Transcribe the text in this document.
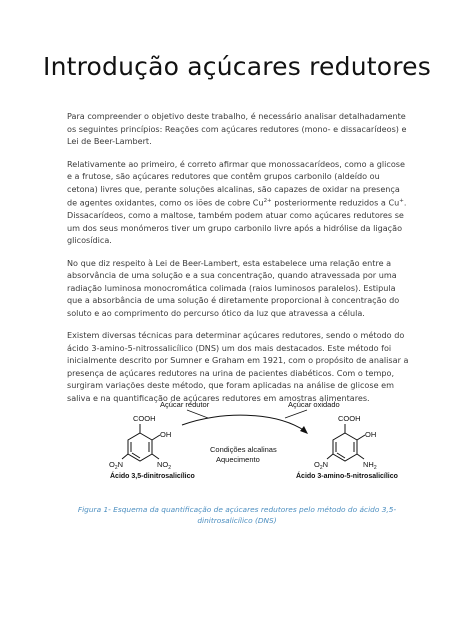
Introdução açúcares redutores

Para compreender o objetivo deste trabalho, é necessário analisar detalhadamente os seguintes princípios: Reações com açúcares redutores (mono- e dissacarídeos) e Lei de Beer-Lambert.

Relativamente ao primeiro, é correto afirmar que monossacarídeos, como a glicose e a frutose, são açúcares redutores que contêm grupos carbonilo (aldeído ou cetona) livres que, perante soluções alcalinas, são capazes de oxidar na presença de agentes oxidantes, como os iões de cobre $Cu^{2+}$ posteriormente reduzidos a Cu+. Dissacarídeos, como a maltose, também podem atuar como açúcares redutores se um dos seus monómeros tiver um grupo carbonilo livre após a hidrólise da ligação glicosídica.

No que diz respeito à Lei de Beer-Lambert, esta estabelece uma relação entre a absorvância de uma solução e a sua concentração, quando atravessada por uma radiação luminosa monocromática colimada (raios luminosos paralelos). Estipula que a absorbância de uma solução é diretamente proporcional à concentração do soluto e ao comprimento do percurso ótico da luz que atravessa a célula.

Existem diversas técnicas para determinar açúcares redutores, sendo o método do ácido 3-amino-5-nitrossalicílico (DNS) um dos mais destacados. Este método foi inicialmente descrito por Sumner e Graham em 1921, com o propósito de analisar a presença de açúcares redutores na urina de pacientes diabéticos. Com o tempo, surgiram variações deste método, que foram aplicadas na análise de glicose em saliva e na quantificação de açúcares redutores em amostras alimentares.

COOH
OH
$NO_2$
$O_2N$
Ácido 3,5-dinitrosalicílico
Açúcar redutor	Açúcar oxidado
Condições alcalinas
Aquecimento
COOH
OH
$NH_2$
$O_2N$
Ácido 3-amino-5-nitrosalicílico
Figura 1- Esquema da quantificação de açúcares redutores pelo método do ácido 3,5-dinitrosalicílico (DNS)
